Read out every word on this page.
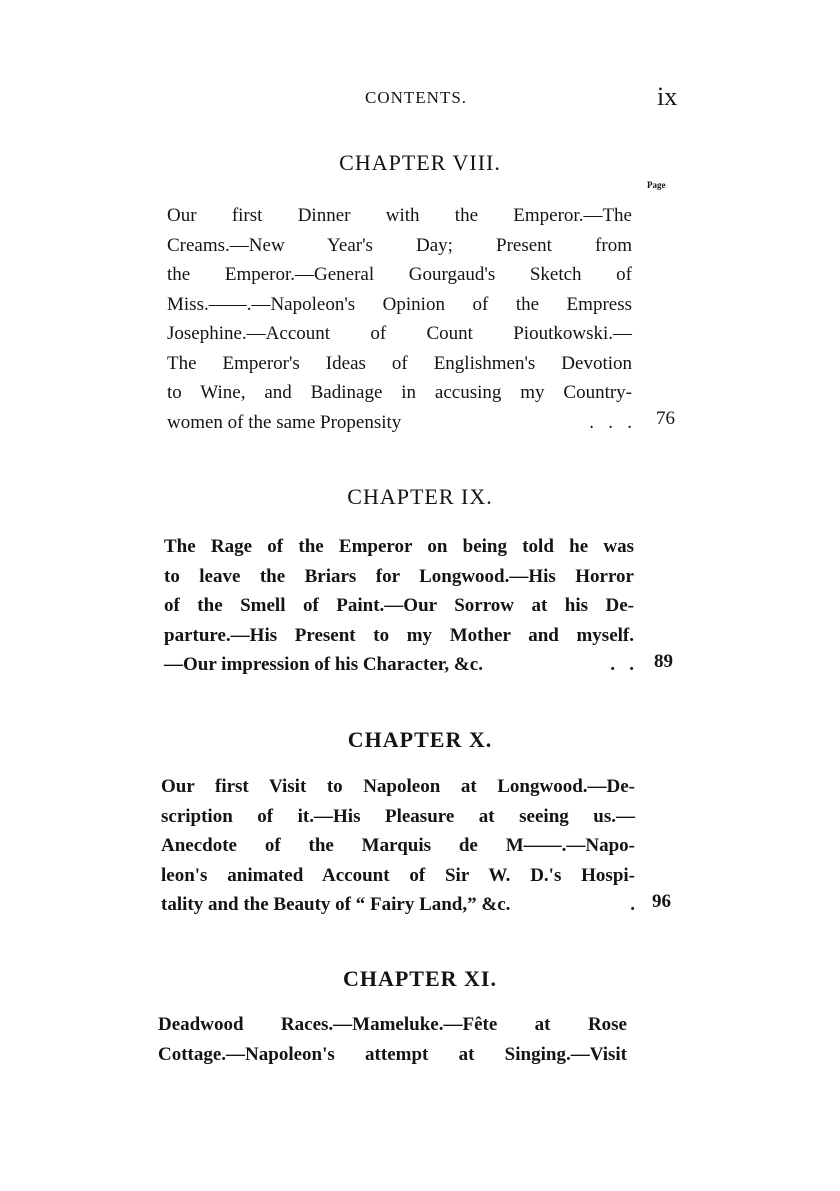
CONTENTS.	ix
CHAPTER VIII.
Page
Our first Dinner with the Emperor.—The
Creams.—New Year's Day; Present from
the Emperor.—General Gourgaud's Sketch of
Miss.——.—Napoleon's Opinion of the Empress
Josephine.—Account of Count Pioutkowski.—
The Emperor's Ideas of Englishmen's Devotion
to Wine, and Badinage in accusing my Country-
women of the same Propensity	.   .   . 76
CHAPTER IX.
The Rage of the Emperor on being told he was
to leave the Briars for Longwood.—His Horror
of the Smell of Paint.—Our Sorrow at his De-
parture.—His Present to my Mother and myself.
—Our impression of his Character, &c.	.   . 89
CHAPTER X.
Our first Visit to Napoleon at Longwood.—De-
scription of it.—His Pleasure at seeing us.—
Anecdote of the Marquis de M——.—Napo-
leon's animated Account of Sir W. D.'s Hospi-
tality and the Beauty of “ Fairy Land,” &c.	. 96
CHAPTER XI.
Deadwood Races.—Mameluke.—Fête at Rose
Cottage.—Napoleon's attempt at Singing.—Visit
